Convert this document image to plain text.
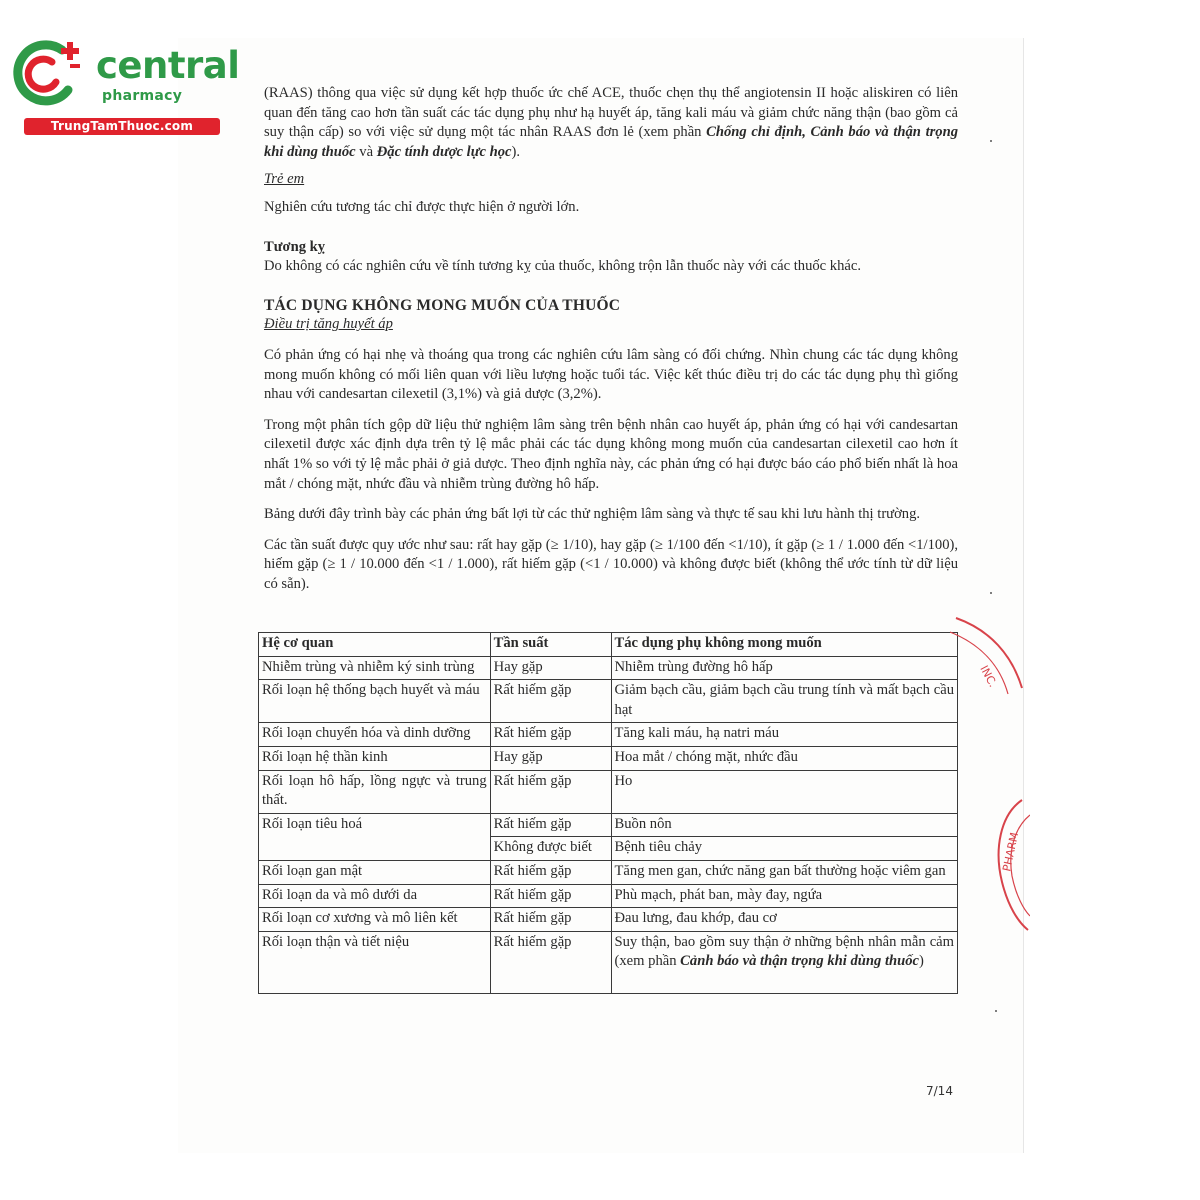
central
pharmacy
TrungTamThuoc.com

(RAAS) thông qua việc sử dụng kết hợp thuốc ức chế ACE, thuốc chẹn thụ thể angiotensin II hoặc aliskiren có liên quan đến tăng cao hơn tần suất các tác dụng phụ như hạ huyết áp, tăng kali máu và giảm chức năng thận (bao gồm cả suy thận cấp) so với việc sử dụng một tác nhân RAAS đơn lẻ (xem phần Chống chỉ định, Cảnh báo và thận trọng khi dùng thuốc và Đặc tính dược lực học).

Trẻ em

Nghiên cứu tương tác chỉ được thực hiện ở người lớn.

Tương kỵ

Do không có các nghiên cứu về tính tương kỵ của thuốc, không trộn lẫn thuốc này với các thuốc khác.

TÁC DỤNG KHÔNG MONG MUỐN CỦA THUỐC

Điều trị tăng huyết áp

Có phản ứng có hại nhẹ và thoáng qua trong các nghiên cứu lâm sàng có đối chứng. Nhìn chung các tác dụng không mong muốn không có mối liên quan với liều lượng hoặc tuổi tác. Việc kết thúc điều trị do các tác dụng phụ thì giống nhau với candesartan cilexetil (3,1%) và giả dược (3,2%).

Trong một phân tích gộp dữ liệu thử nghiệm lâm sàng trên bệnh nhân cao huyết áp, phản ứng có hại với candesartan cilexetil được xác định dựa trên tỷ lệ mắc phải các tác dụng không mong muốn của candesartan cilexetil cao hơn ít nhất 1% so với tỷ lệ mắc phải ở giả dược. Theo định nghĩa này, các phản ứng có hại được báo cáo phổ biến nhất là hoa mắt / chóng mặt, nhức đầu và nhiễm trùng đường hô hấp.

Bảng dưới đây trình bày các phản ứng bất lợi từ các thử nghiệm lâm sàng và thực tế sau khi lưu hành thị trường.

Các tần suất được quy ước như sau: rất hay gặp (≥ 1/10), hay gặp (≥ 1/100 đến <1/10), ít gặp (≥ 1 / 1.000 đến <1/100), hiếm gặp (≥ 1 / 10.000 đến <1 / 1.000), rất hiếm gặp (<1 / 10.000) và không được biết (không thể ước tính từ dữ liệu có sẵn).

Hệ cơ quan	Tần suất	Tác dụng phụ không mong muốn
Nhiễm trùng và nhiễm ký sinh trùng	Hay gặp	Nhiễm trùng đường hô hấp
Rối loạn hệ thống bạch huyết và máu	Rất hiếm gặp	Giảm bạch cầu, giảm bạch cầu trung tính và mất bạch cầu hạt
Rối loạn chuyển hóa và dinh dưỡng	Rất hiếm gặp	Tăng kali máu, hạ natri máu
Rối loạn hệ thần kinh	Hay gặp	Hoa mắt / chóng mặt, nhức đầu
Rối loạn hô hấp, lồng ngực và trung thất.	Rất hiếm gặp	Ho
Rối loạn tiêu hoá	Rất hiếm gặp	Buồn nôn
	Không được biết	Bệnh tiêu chảy
Rối loạn gan mật	Rất hiếm gặp	Tăng men gan, chức năng gan bất thường hoặc viêm gan
Rối loạn da và mô dưới da	Rất hiếm gặp	Phù mạch, phát ban, mày đay, ngứa
Rối loạn cơ xương và mô liên kết	Rất hiếm gặp	Đau lưng, đau khớp, đau cơ
Rối loạn thận và tiết niệu	Rất hiếm gặp	Suy thận, bao gồm suy thận ở những bệnh nhân mẫn cảm (xem phần Cảnh báo và thận trọng khi dùng thuốc)
INC.
PHARM
7/14
